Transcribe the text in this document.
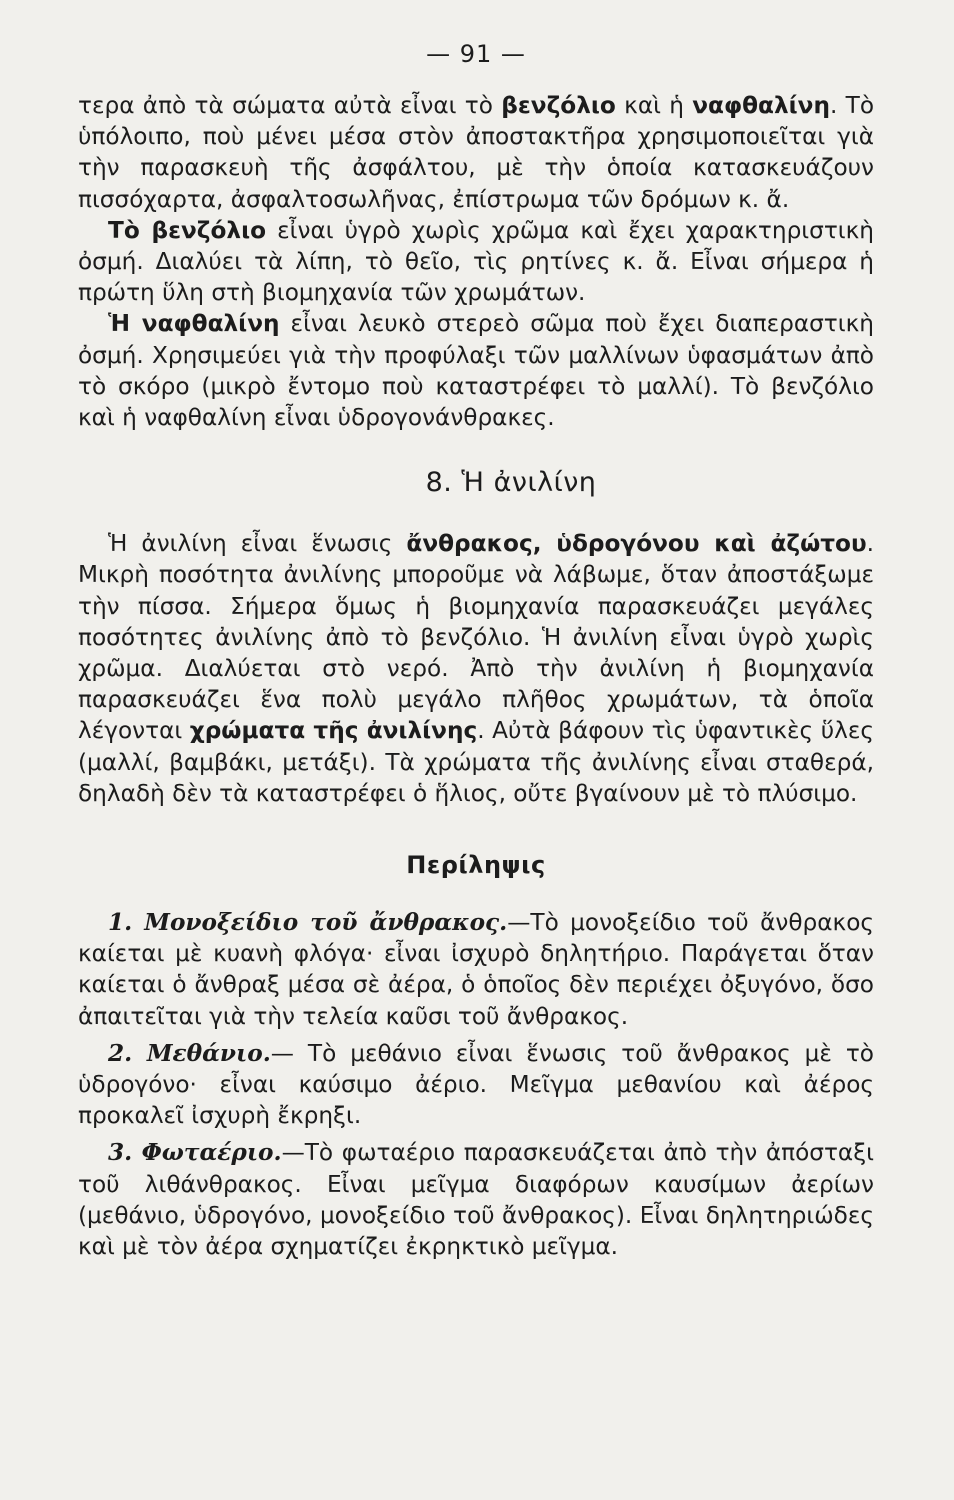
— 91 —

τερα ἀπὸ τὰ σώματα αὐτὰ εἶναι τὸ βενζόλιο καὶ ἡ ναφθαλίνη. Τὸ ὑπόλοιπο, ποὺ μένει μέσα στὸν ἀποστακτῆρα χρησιμοποιεῖται γιὰ τὴν παρασκευὴ τῆς ἀσφάλτου, μὲ τὴν ὁποία κατασκευάζουν πισσόχαρτα, ἀσφαλτοσωλῆνας, ἐπίστρωμα τῶν δρόμων κ. ἄ.

Τὸ βενζόλιο εἶναι ὑγρὸ χωρὶς χρῶμα καὶ ἔχει χαρακτηριστικὴ ὀσμή. Διαλύει τὰ λίπη, τὸ θεῖο, τὶς ρητίνες κ. ἄ. Εἶναι σήμερα ἡ πρώτη ὕλη στὴ βιομηχανία τῶν χρωμάτων.

Ἡ ναφθαλίνη εἶναι λευκὸ στερεὸ σῶμα ποὺ ἔχει διαπεραστικὴ ὀσμή. Χρησιμεύει γιὰ τὴν προφύλαξι τῶν μαλλίνων ὑφασμάτων ἀπὸ τὸ σκόρο (μικρὸ ἔντομο ποὺ καταστρέφει τὸ μαλλί). Τὸ βενζόλιο καὶ ἡ ναφθαλίνη εἶναι ὑδρογονάνθρακες.

8. Ἡ ἀνιλίνη

Ἡ ἀνιλίνη εἶναι ἕνωσις ἄνθρακος, ὑδρογόνου καὶ ἀζώτου. Μικρὴ ποσότητα ἀνιλίνης μποροῦμε νὰ λάβωμε, ὅταν ἀποστάξωμε τὴν πίσσα. Σήμερα ὅμως ἡ βιομηχανία παρασκευάζει μεγάλες ποσότητες ἀνιλίνης ἀπὸ τὸ βενζόλιο. Ἡ ἀνιλίνη εἶναι ὑγρὸ χωρὶς χρῶμα. Διαλύεται στὸ νερό. Ἀπὸ τὴν ἀνιλίνη ἡ βιομηχανία παρασκευάζει ἕνα πολὺ μεγάλο πλῆθος χρωμάτων, τὰ ὁποῖα λέγονται χρώματα τῆς ἀνιλίνης. Αὐτὰ βάφουν τὶς ὑφαντικὲς ὕλες (μαλλί, βαμβάκι, μετάξι). Τὰ χρώματα τῆς ἀνιλίνης εἶναι σταθερά, δηλαδὴ δὲν τὰ καταστρέφει ὁ ἥλιος, οὔτε βγαίνουν μὲ τὸ πλύσιμο.

Περίληψις

1. Μονοξείδιο τοῦ ἄνθρακος.—Τὸ μονοξείδιο τοῦ ἄνθρακος καίεται μὲ κυανὴ φλόγα· εἶναι ἰσχυρὸ δηλητήριο. Παράγεται ὅταν καίεται ὁ ἄνθραξ μέσα σὲ ἀέρα, ὁ ὁποῖος δὲν περιέχει ὀξυγόνο, ὅσο ἀπαιτεῖται γιὰ τὴν τελεία καῦσι τοῦ ἄνθρακος.

2. Μεθάνιο.— Τὸ μεθάνιο εἶναι ἕνωσις τοῦ ἄνθρακος μὲ τὸ ὑδρογόνο· εἶναι καύσιμο ἀέριο. Μεῖγμα μεθανίου καὶ ἀέρος προκαλεῖ ἰσχυρὴ ἔκρηξι.

3. Φωταέριο.—Τὸ φωταέριο παρασκευάζεται ἀπὸ τὴν ἀπόσταξι τοῦ λιθάνθρακος. Εἶναι μεῖγμα διαφόρων καυσίμων ἀερίων (μεθάνιο, ὑδρογόνο, μονοξείδιο τοῦ ἄνθρακος). Εἶναι δηλητηριώδες καὶ μὲ τὸν ἀέρα σχηματίζει ἐκρηκτικὸ μεῖγμα.
